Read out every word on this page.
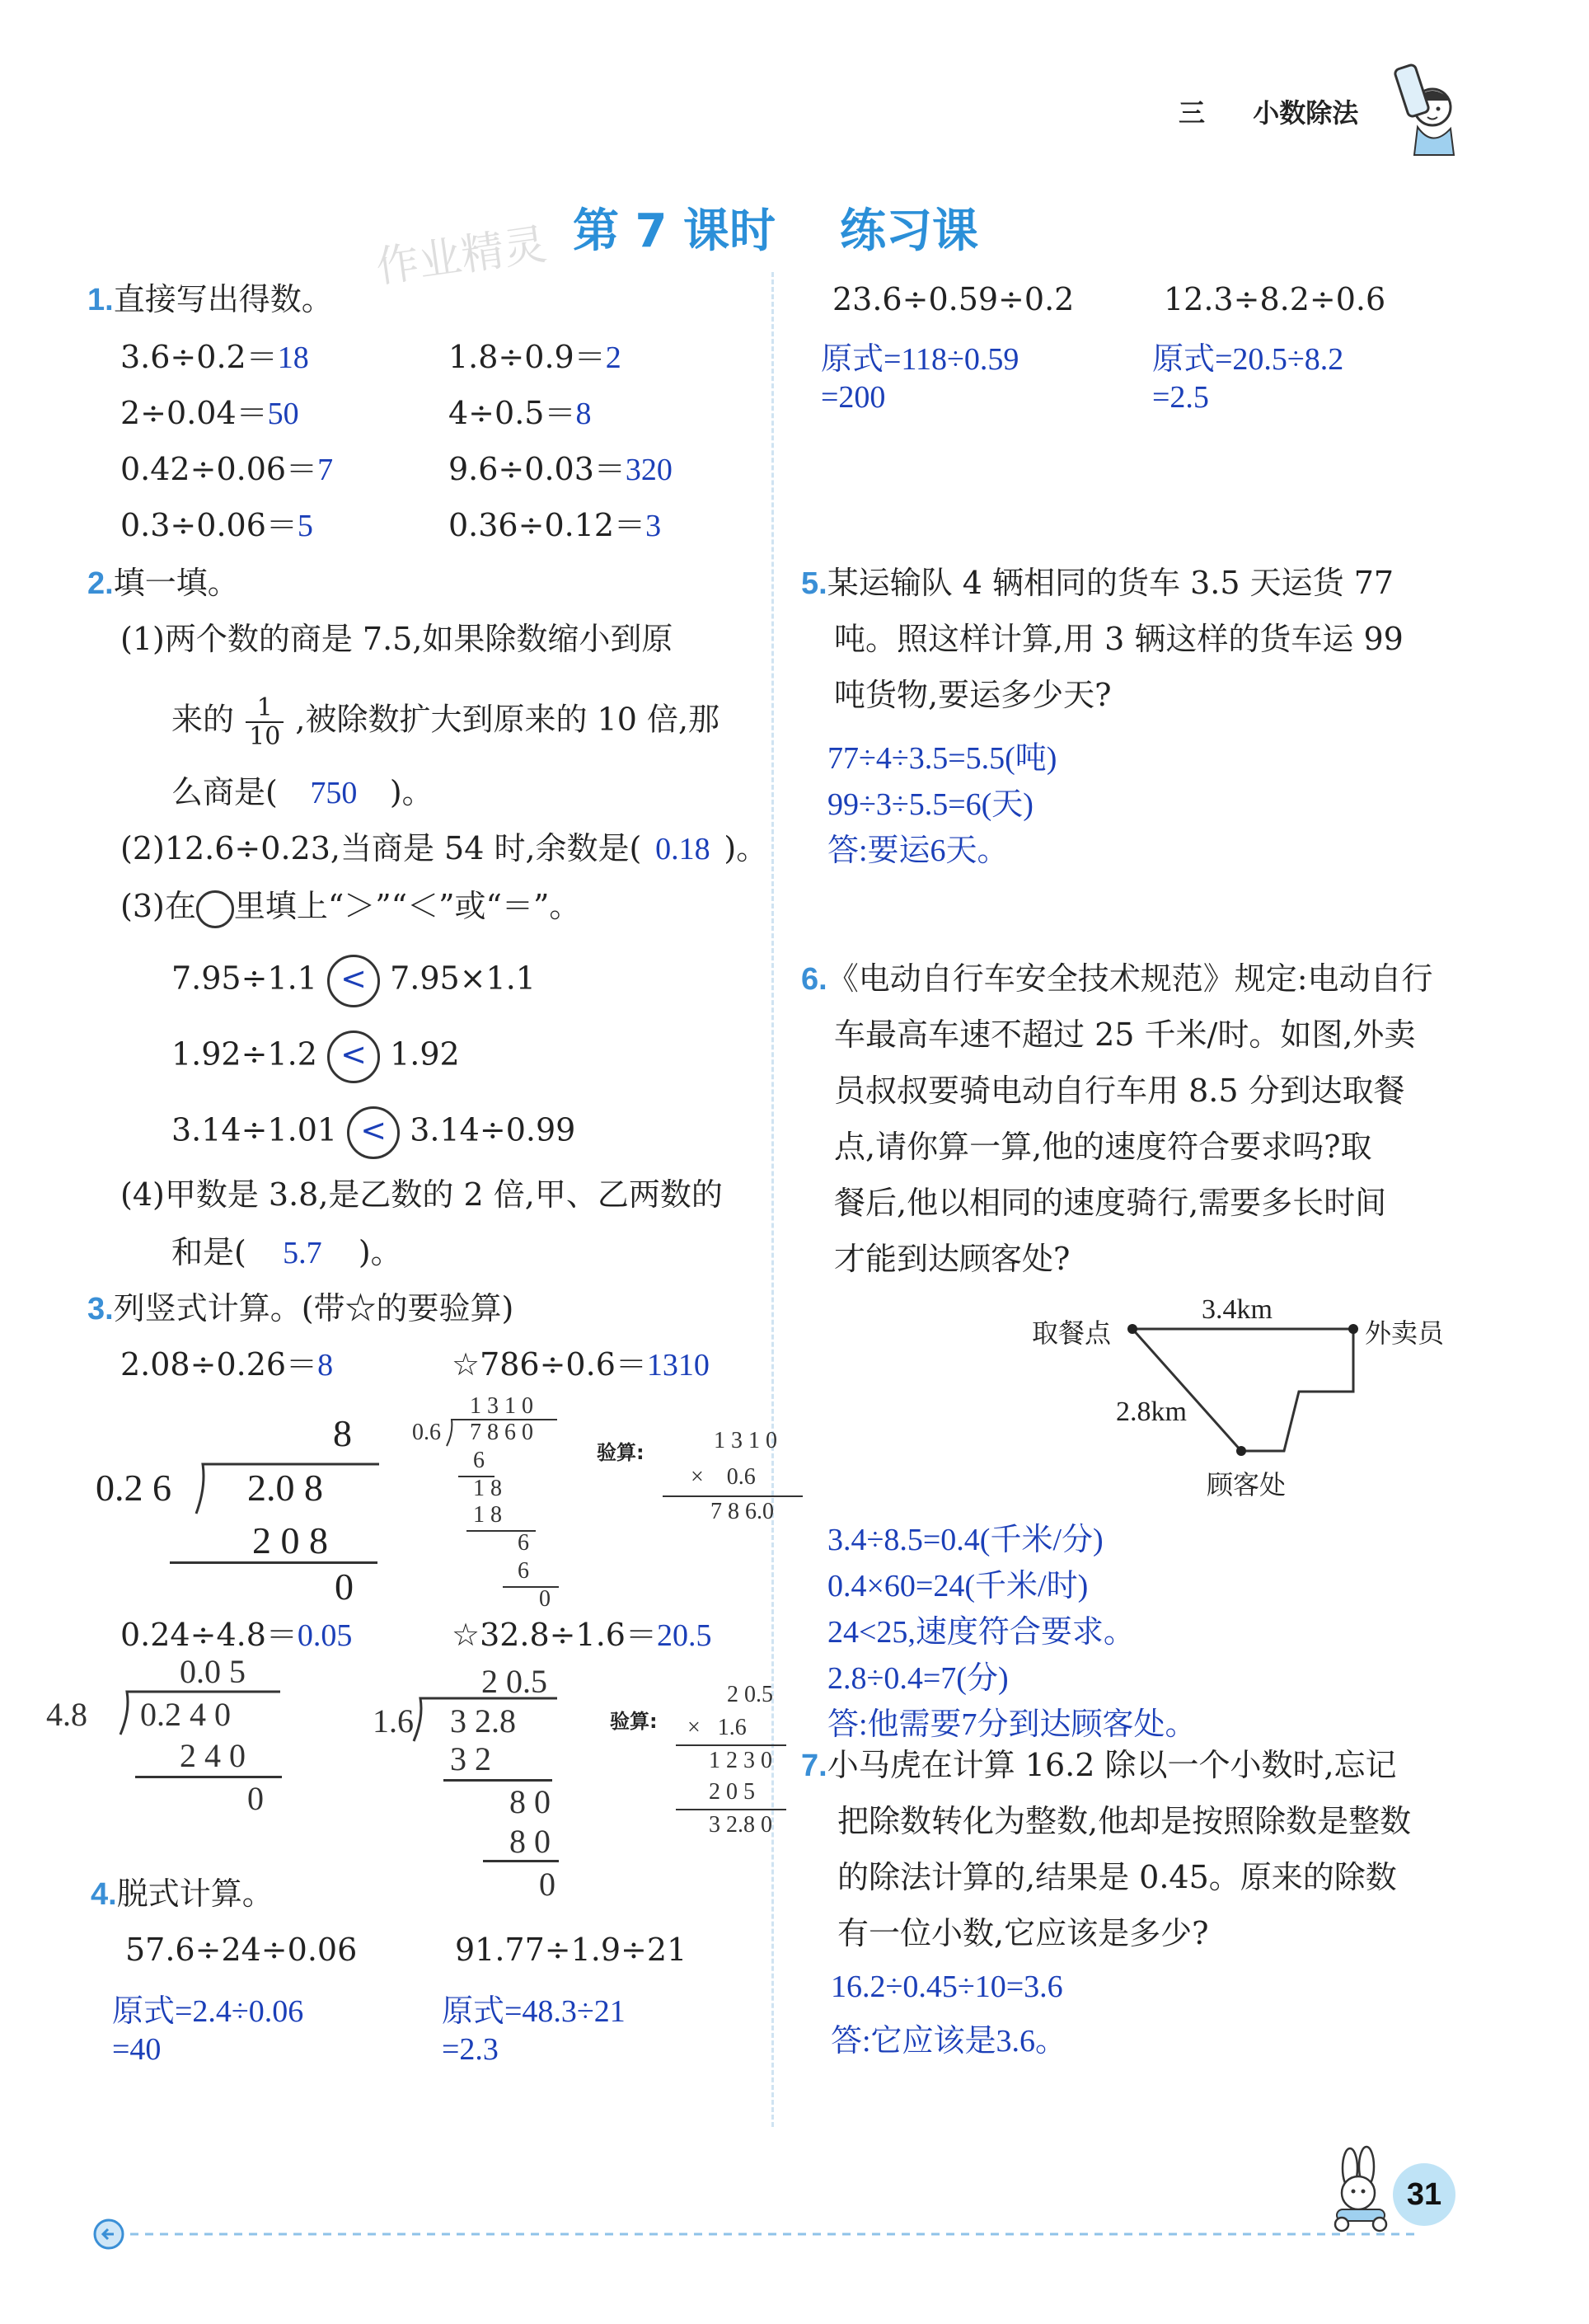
三 小数除法
作业精灵 第 7 课时    练习课
1.直接写出得数。
3.6÷0.2＝18	1.8÷0.9＝2
2÷0.04＝50	4÷0.5＝8
0.42÷0.06＝7	9.6÷0.03＝320
0.3÷0.06＝5	0.36÷0.12＝3
2.填一填。
(1)两个数的商是 7.5,如果除数缩小到原
来的 $\frac{1}{10}$ ,被除数扩大到原来的 10 倍,那
么商是( 750 )。
(2)12.6÷0.23,当商是 54 时,余数是( 0.18 )。
(3)在 里填上“＞”“＜”或“＝”。
7.95÷1.1 < 7.95×1.1
1.92÷1.2 < 1.92
3.14÷1.01 < 3.14÷0.99
(4)甲数是 3.8,是乙数的 2 倍,甲、乙两数的
和是( 5.7 )。
3.列竖式计算。(带☆的要验算)
2.08÷0.26＝8	☆786÷0.6＝1310
8
0.2 6 2.0 8
2 0 8
0
1 3 1 0
0.6 7 8 6 0
6
1 8
1 8
6
6
0
验算:	1 3 1 0
×    0.6
7 8 6.0
0.24÷4.8＝0.05	☆32.8÷1.6＝20.5
0.0 5
4.8 0.2 4 0
2 4 0
0
2 0.5
1.6 3 2.8
3 2
8 0
8 0
0
验算:
2 0.5
×   1.6
1 2 3 0
2 0 5
3 2.8 0
4.脱式计算。
57.6÷24÷0.06
原式=2.4÷0.06
=40
91.77÷1.9÷21
原式=48.3÷21
=2.3
23.6÷0.59÷0.2
原式=118÷0.59
=200
12.3÷8.2÷0.6
原式=20.5÷8.2
=2.5
5.某运输队 4 辆相同的货车 3.5 天运货 77
吨。照这样计算,用 3 辆这样的货车运 99
吨货物,要运多少天?
77÷4÷3.5=5.5(吨)
99÷3÷5.5=6(天)
答:要运6天。
6.《电动自行车安全技术规范》规定:电动自行
车最高车速不超过 25 千米/时。如图,外卖
员叔叔要骑电动自行车用 8.5 分到达取餐
点,请你算一算,他的速度符合要求吗?取
餐后,他以相同的速度骑行,需要多长时间
才能到达顾客处?
取餐点	外卖员
顾客处
3.4km
2.8km
3.4÷8.5=0.4(千米/分)
0.4×60=24(千米/时)
24<25,速度符合要求。
2.8÷0.4=7(分)
答:他需要7分到达顾客处。
7.小马虎在计算 16.2 除以一个小数时,忘记
把除数转化为整数,他却是按照除数是整数
的除法计算的,结果是 0.45。原来的除数
有一位小数,它应该是多少?
16.2÷0.45÷10=3.6
答:它应该是3.6。
31
